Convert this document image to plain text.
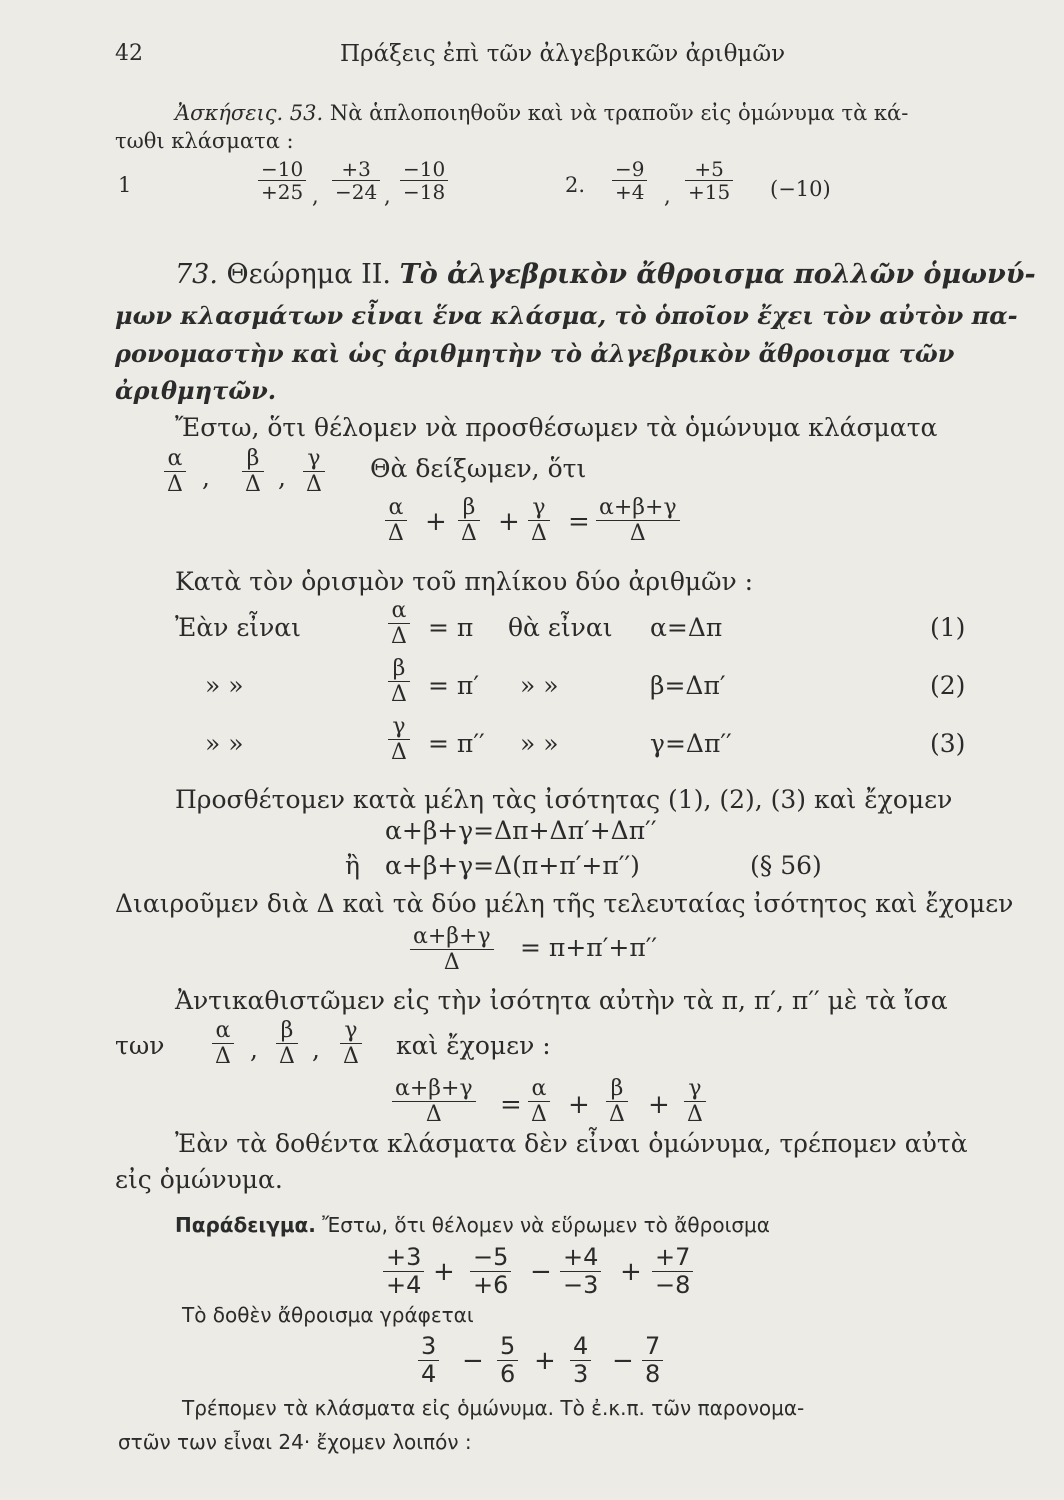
42	Πράξεις ἐπὶ τῶν ἀλγεβρικῶν ἀριθμῶν
Ἀσκήσεις. 53. Νὰ ἁπλοποιηθοῦν καὶ νὰ τραποῦν εἰς ὁμώνυμα τὰ κά-
τωθι κλάσματα :
1
−10
+25 ,
+3
−24 ,
−10
−18	2.
−9
+4 ,
+5
+15 (−10)
73. Θεώρημα II. Τὸ ἀλγεβρικὸν ἄθροισμα πολλῶν ὁμωνύ-
μων κλασμάτων εἶναι ἕνα κλάσμα, τὸ ὁποῖον ἔχει τὸν αὐτὸν πα-
ρονομαστὴν καὶ ὡς ἀριθμητὴν τὸ ἀλγεβρικὸν ἄθροισμα τῶν
ἀριθμητῶν.
Ἔστω, ὅτι θέλομεν νὰ προσθέσωμεν τὰ ὁμώνυμα κλάσματα
α
Δ ,
β
Δ ,
γ
Δ
Θὰ δείξωμεν, ὅτι
α
Δ + β
Δ + γ
Δ = α+β+γ
Δ
Κατὰ τὸν ὁρισμὸν τοῦ πηλίκου δύο ἀριθμῶν :
Ἐὰν εἶναι
α
Δ = π θὰ εἶναι α=Δπ	(1)
» »
β
Δ = π′ » »	β=Δπ′	(2)
» »
γ
Δ = π′′ » »	γ=Δπ′′	(3)
Προσθέτομεν κατὰ μέλη τὰς ἰσότητας (1), (2), (3) καὶ ἔχομεν
α+β+γ=Δπ+Δπ′+Δπ′′
ἢ α+β+γ=Δ(π+π′+π′′)	(§ 56)
Διαιροῦμεν διὰ Δ καὶ τὰ δύο μέλη τῆς τελευταίας ἰσότητος καὶ ἔχομεν
α+β+γ
Δ
= π+π′+π′′
Ἀντικαθιστῶμεν εἰς τὴν ἰσότητα αὐτὴν τὰ π, π′, π′′ μὲ τὰ ἴσα
των
α
Δ ,
β
Δ ,
γ
Δ καὶ ἔχομεν :
α+β+γ
Δ =
α
Δ +
β
Δ +
γ
Δ
Ἐὰν τὰ δοθέντα κλάσματα δὲν εἶναι ὁμώνυμα, τρέπομεν αὐτὰ
εἰς ὁμώνυμα.
Παράδειγμα. Ἔστω, ὅτι θέλομεν νὰ εὕρωμεν τὸ ἄθροισμα
+3
+4 + −5
+6 − +4
−3 + +7
−8
Τὸ δοθὲν ἄθροισμα γράφεται
3
4 − 5
6 + 4
3 − 7
8
Τρέπομεν τὰ κλάσματα εἰς ὁμώνυμα. Τὸ ἐ.κ.π. τῶν παρονομα-
στῶν των εἶναι 24· ἔχομεν λοιπόν :
